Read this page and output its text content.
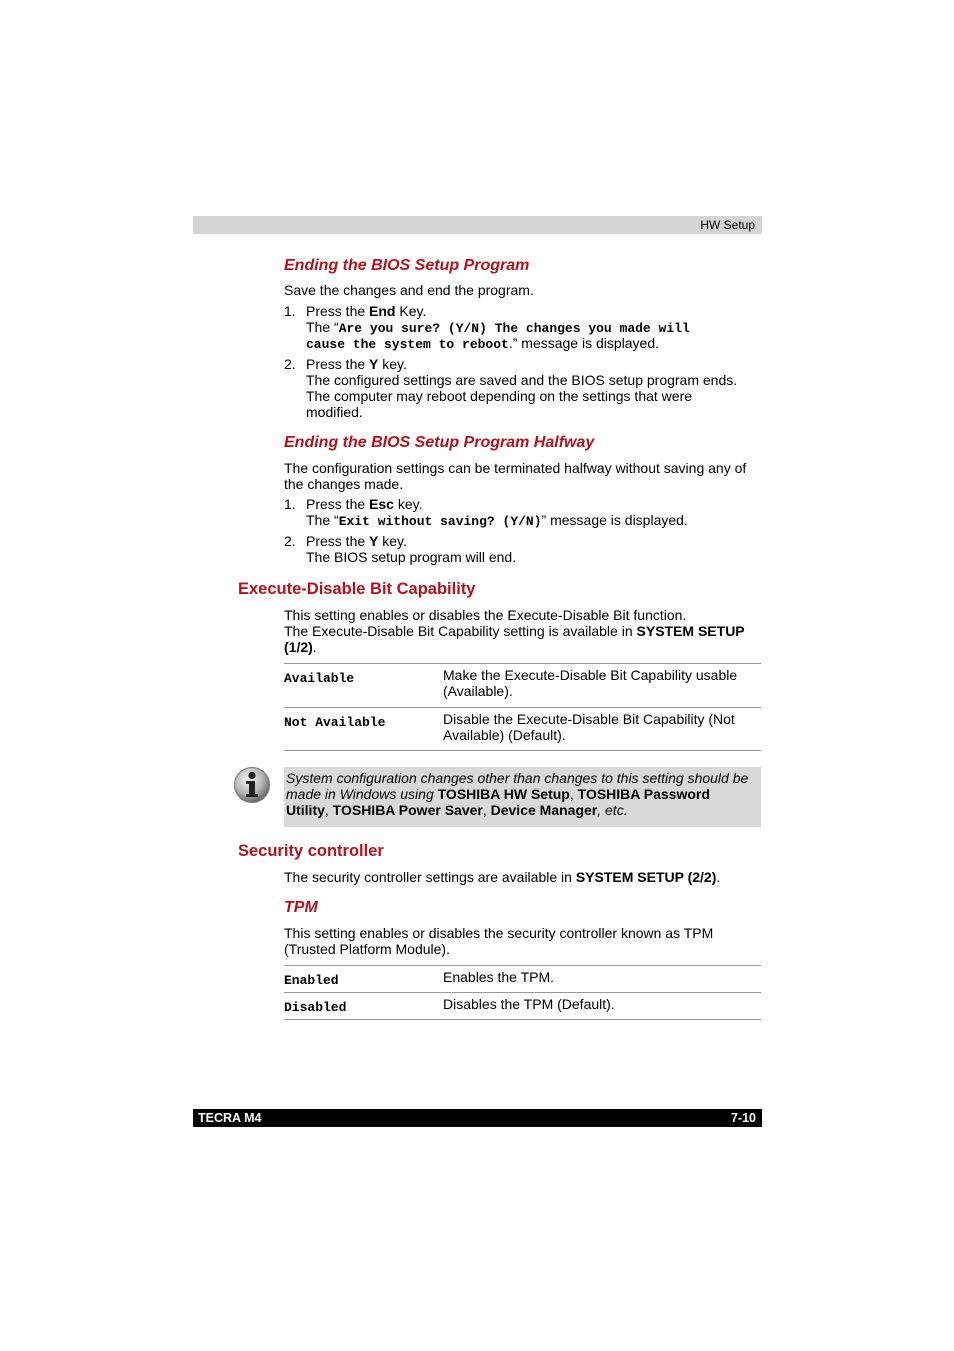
HW Setup
Ending the BIOS Setup Program
Save the changes and end the program.
1. Press the End Key.
The “Are you sure? (Y/N) The changes you made will
cause the system to reboot.” message is displayed.
2. Press the Y key.
The configured settings are saved and the BIOS setup program ends.
The computer may reboot depending on the settings that were
modified.
Ending the BIOS Setup Program Halfway
The configuration settings can be terminated halfway without saving any of
the changes made.
1. Press the Esc key.
The “Exit without saving? (Y/N)” message is displayed.
2. Press the Y key.
The BIOS setup program will end.
Execute-Disable Bit Capability
This setting enables or disables the Execute-Disable Bit function.
The Execute-Disable Bit Capability setting is available in SYSTEM SETUP
(1/2).
Available	Make the Execute-Disable Bit Capability usable
(Available).
Not Available	Disable the Execute-Disable Bit Capability (Not
Available) (Default).
System configuration changes other than changes to this setting should be
made in Windows using TOSHIBA HW Setup, TOSHIBA Password
Utility, TOSHIBA Power Saver, Device Manager, etc.
Security controller
The security controller settings are available in SYSTEM SETUP (2/2).
TPM
This setting enables or disables the security controller known as TPM
(Trusted Platform Module).
Enabled	Enables the TPM.
Disabled	Disables the TPM (Default).
TECRA M4	7-10
